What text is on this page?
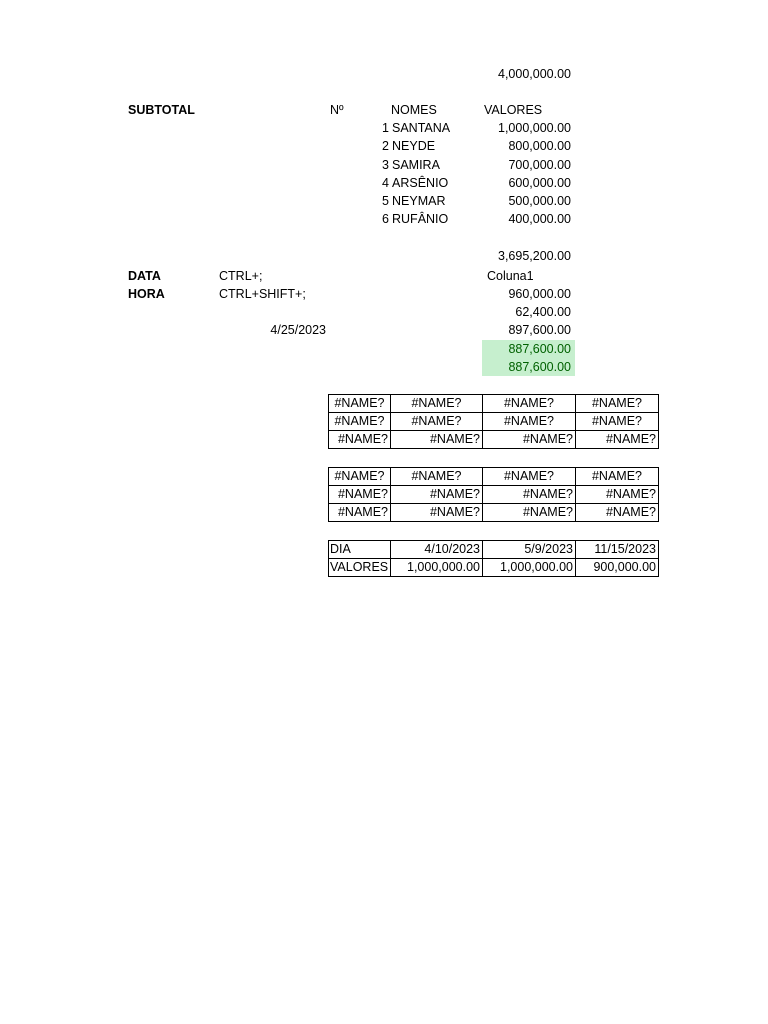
4,000,000.00
SUBTOTAL	Nº	NOMES	VALORES
1 SANTANA	1,000,000.00
2 NEYDE	800,000.00
3 SAMIRA	700,000.00
4 ARSÊNIO	600,000.00
5 NEYMAR	500,000.00
6 RUFÂNIO	400,000.00
3,695,200.00
DATA	CTRL+;	Coluna1
HORA	CTRL+SHIFT+;	960,000.00
62,400.00
4/25/2023	897,600.00
887,600.00
887,600.00
#NAME?	#NAME?	#NAME?	#NAME?
#NAME?	#NAME?	#NAME?	#NAME?
#NAME?	#NAME?	#NAME?	#NAME?
#NAME?	#NAME?	#NAME?	#NAME?
#NAME?	#NAME?	#NAME?	#NAME?
#NAME?	#NAME?	#NAME?	#NAME?
DIA	4/10/2023	5/9/2023	11/15/2023
VALORES	1,000,000.00	1,000,000.00	900,000.00
